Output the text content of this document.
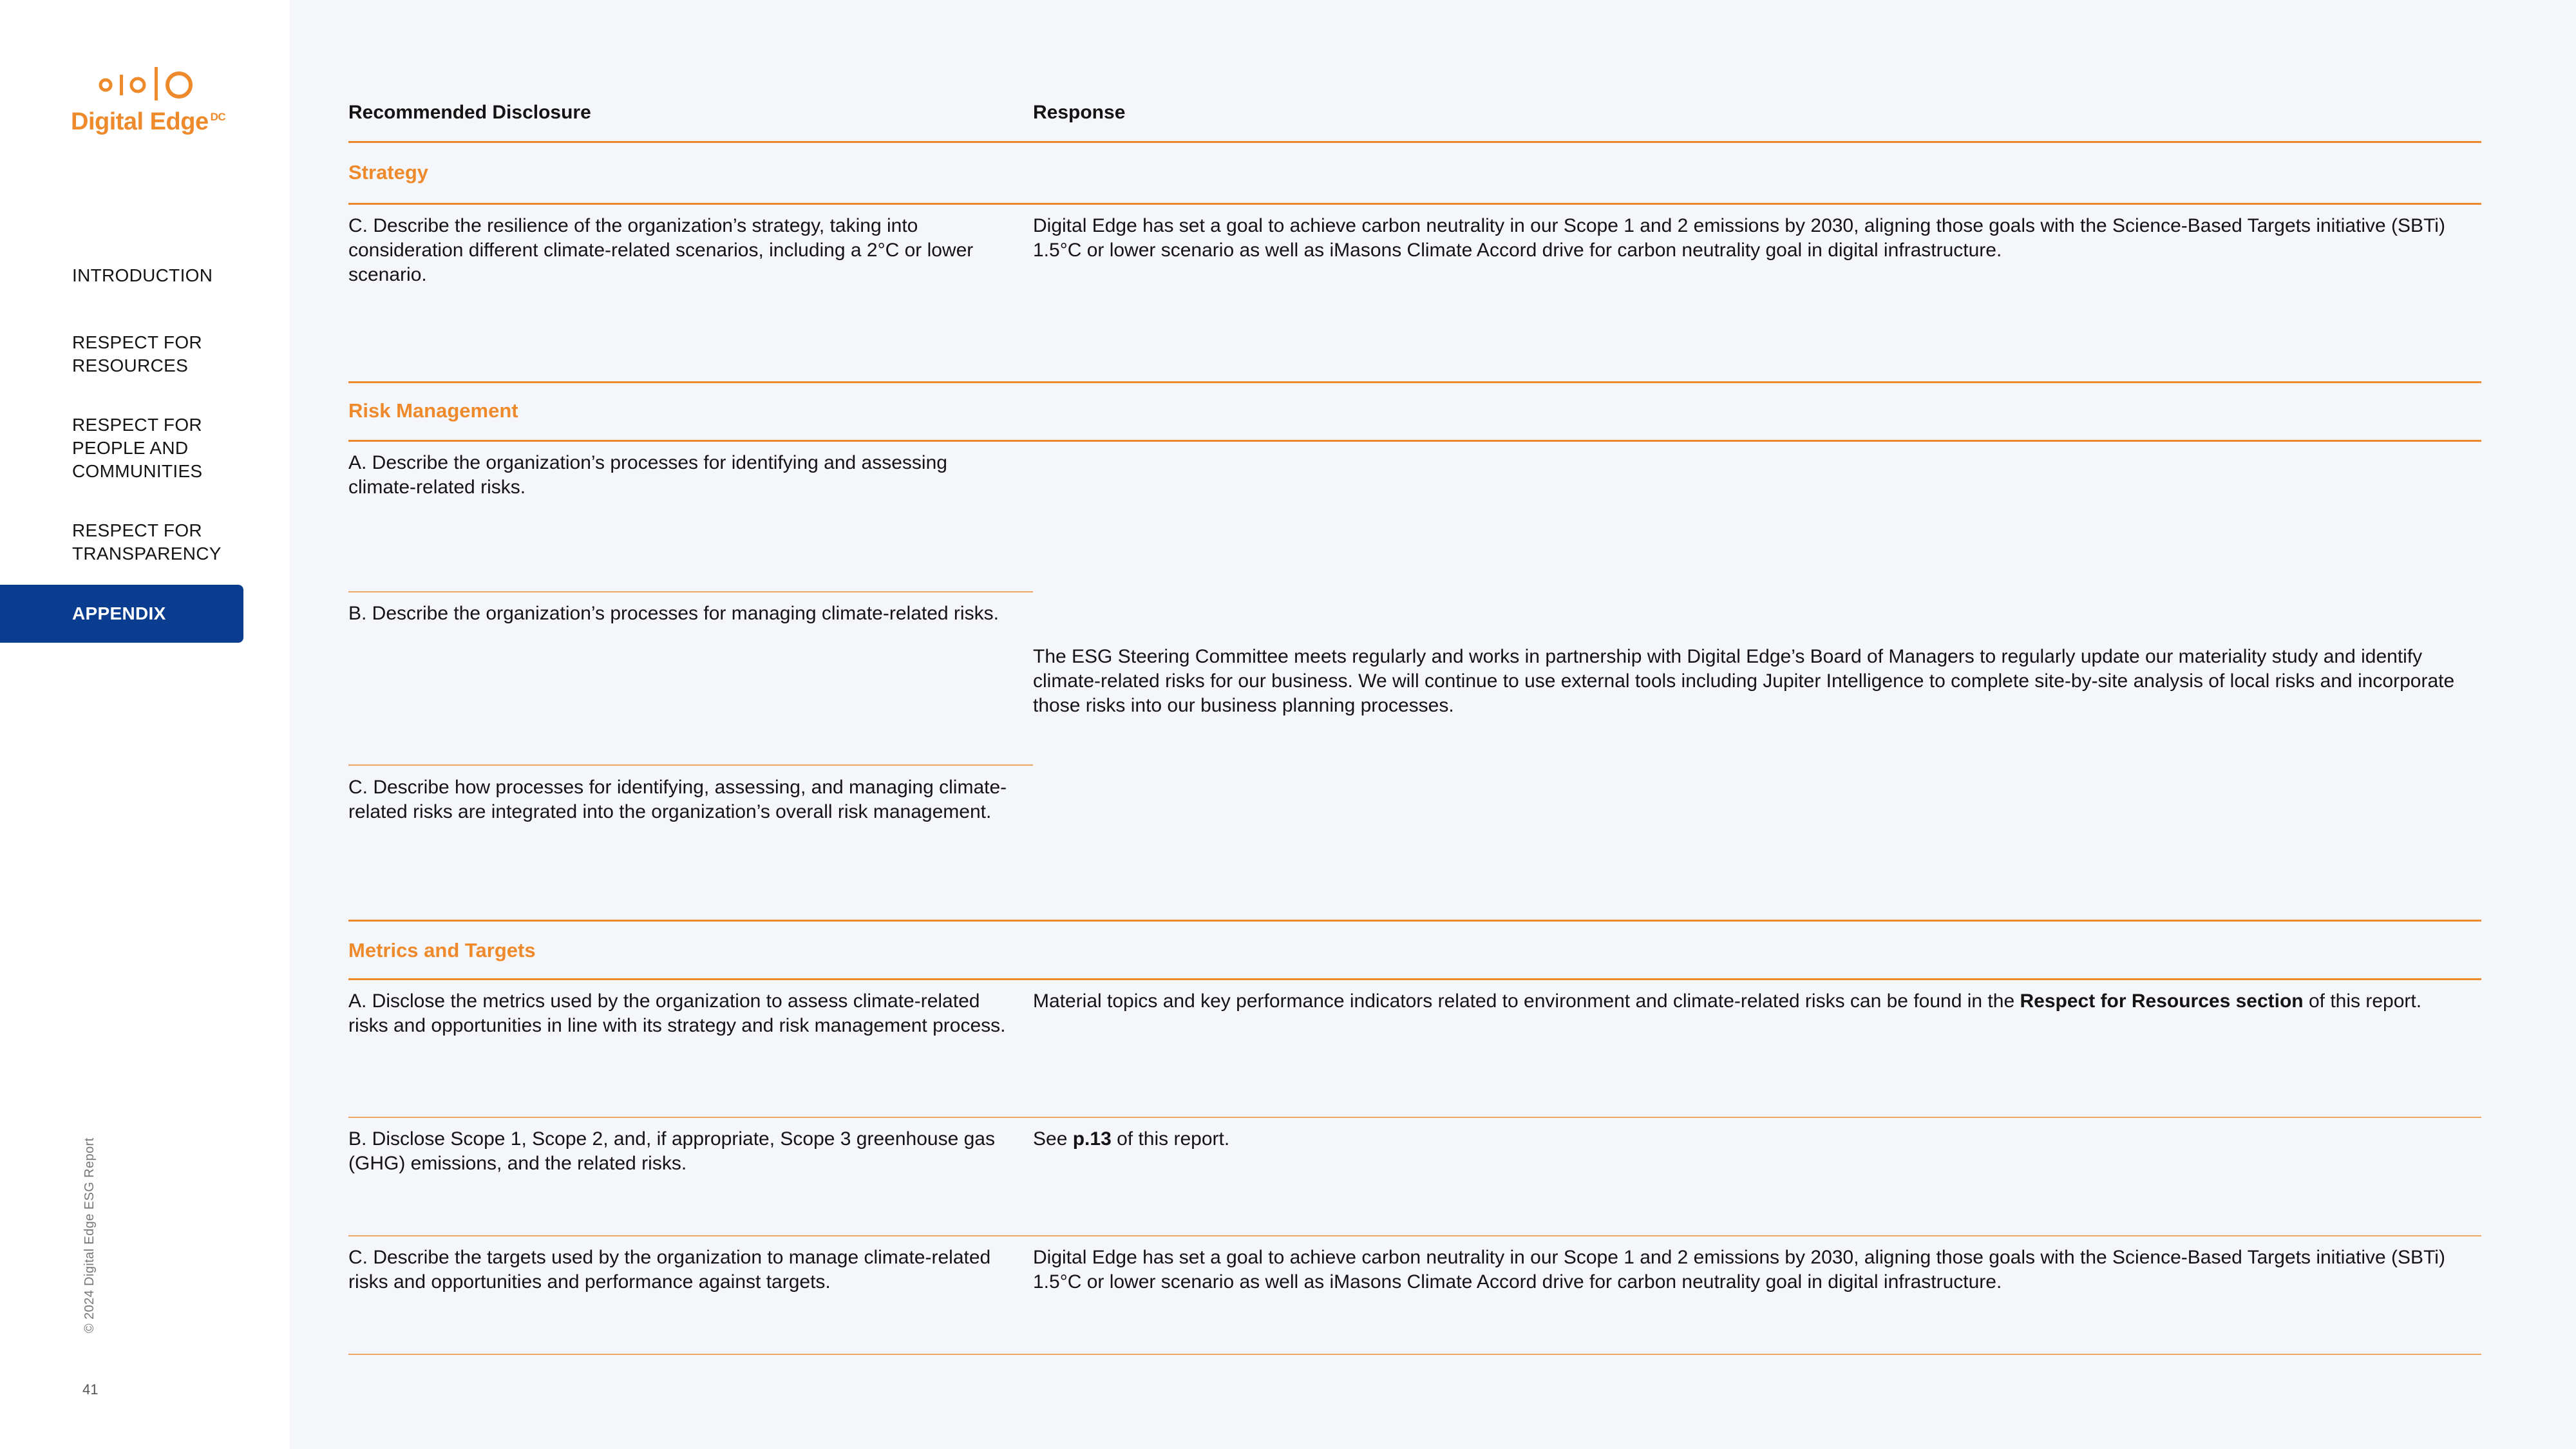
Digital Edge $^{DC}$
INTRODUCTION
RESPECT FOR RESOURCES
RESPECT FOR PEOPLE AND COMMUNITIES
RESPECT FOR TRANSPARENCY
APPENDIX
© 2024 Digital Edge ESG Report
41
Recommended Disclosure	Response
Strategy
C. Describe the resilience of the organization’s strategy, taking into consideration different climate-related scenarios, including a 2°C or lower scenario.
Digital Edge has set a goal to achieve carbon neutrality in our Scope 1 and 2 emissions by 2030, aligning those goals with the Science-Based Targets initiative (SBTi) 1.5°C or lower scenario as well as iMasons Climate Accord drive for carbon neutrality goal in digital infrastructure.
Risk Management
A. Describe the organization’s processes for identifying and assessing climate-related risks.
B. Describe the organization’s processes for managing climate-related risks.
C. Describe how processes for identifying, assessing, and managing climate-related risks are integrated into the organization’s overall risk management.
The ESG Steering Committee meets regularly and works in partnership with Digital Edge’s Board of Managers to regularly update our materiality study and identify climate-related risks for our business. We will continue to use external tools including Jupiter Intelligence to complete site-by-site analysis of local risks and incorporate those risks into our business planning processes.
Metrics and Targets
A. Disclose the metrics used by the organization to assess climate-related risks and opportunities in line with its strategy and risk management process.
Material topics and key performance indicators related to environment and climate-related risks can be found in the Respect for Resources section of this report.
B. Disclose Scope 1, Scope 2, and, if appropriate, Scope 3 greenhouse gas (GHG) emissions, and the related risks.
See p.13 of this report.
C. Describe the targets used by the organization to manage climate-related risks and opportunities and performance against targets.
Digital Edge has set a goal to achieve carbon neutrality in our Scope 1 and 2 emissions by 2030, aligning those goals with the Science-Based Targets initiative (SBTi) 1.5°C or lower scenario as well as iMasons Climate Accord drive for carbon neutrality goal in digital infrastructure.
